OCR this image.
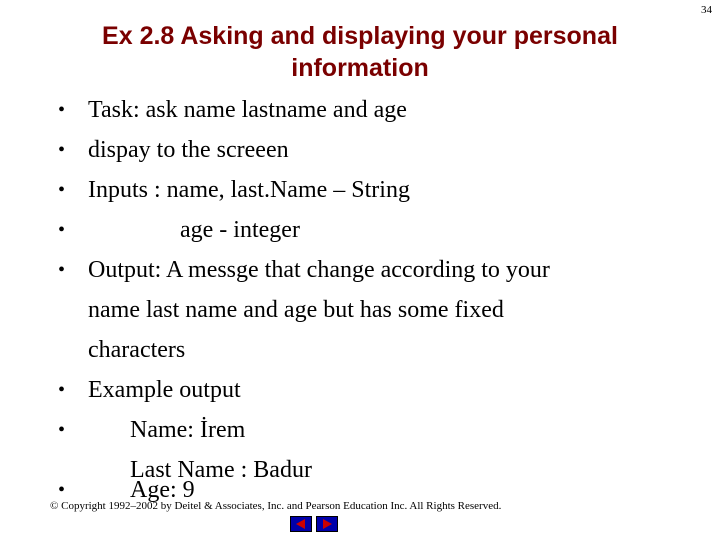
34
Ex 2.8 Asking and displaying your personal
information
• Task: ask name lastname and age
• dispay to the screeen
• Inputs : name, last.Name – String
•	age - integer
• Output: A messge that change according to your
name last name and age but has some fixed
characters
• Example output
•	Name: İrem
Last Name : Badur
•	Age: 9
© Copyright 1992–2002 by Deitel & Associates, Inc. and Pearson Education Inc. All Rights Reserved.
